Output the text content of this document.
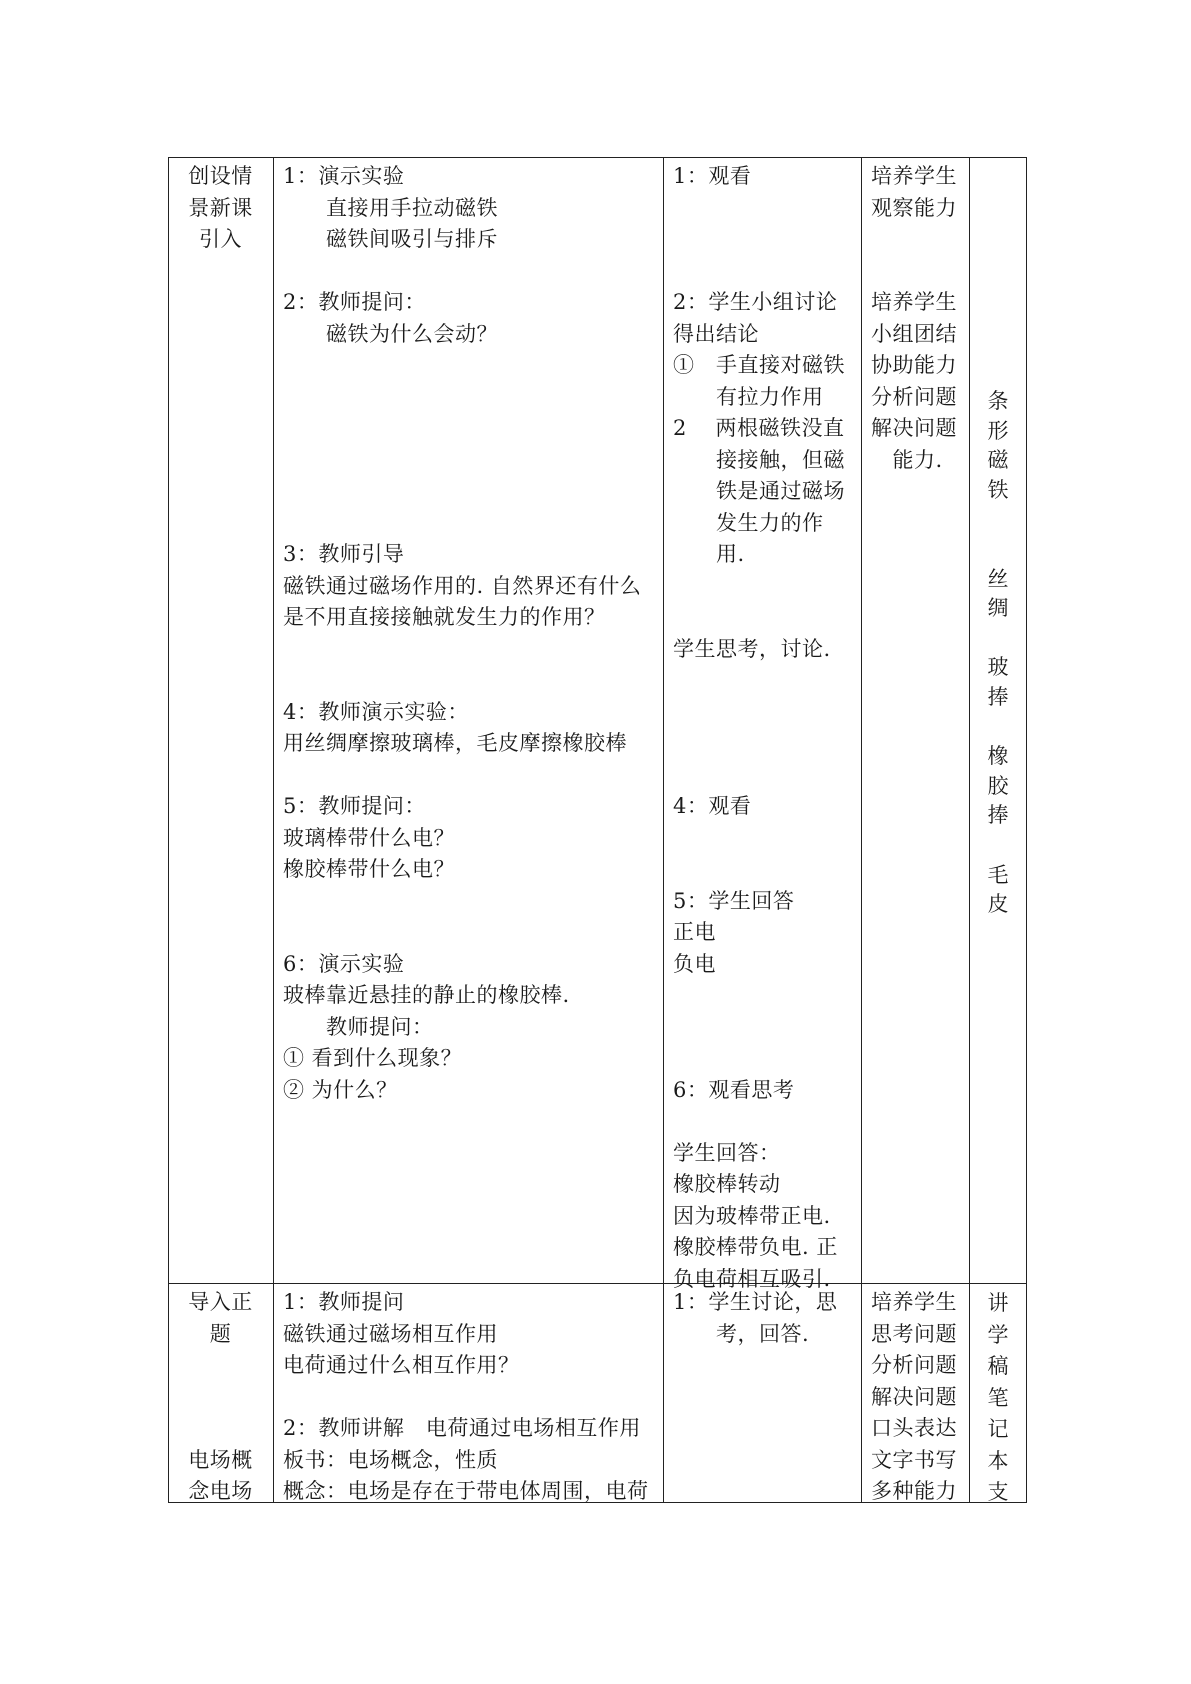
创设情
景新课
引入
1：演示实验
　　直接用手拉动磁铁
　　磁铁间吸引与排斥
2：教师提问：
　　磁铁为什么会动？
3：教师引导
磁铁通过磁场作用的. 自然界还有什么
是不用直接接触就发生力的作用？
4：教师演示实验：
用丝绸摩擦玻璃棒，毛皮摩擦橡胶棒
5：教师提问：
玻璃棒带什么电？
橡胶棒带什么电？
6：演示实验
玻棒靠近悬挂的静止的橡胶棒.
　　教师提问：
① 看到什么现象？
② 为什么？
1：观看
2：学生小组讨论
得出结论
①　手直接对磁铁
　　有拉力作用
2　 两根磁铁没直
　　接接触，但磁
　　铁是通过磁场
　　发生力的作
　　用.
学生思考，讨论.
4：观看
5：学生回答
正电
负电
6：观看思考
学生回答：
橡胶棒转动
因为玻棒带正电.
橡胶棒带负电. 正
负电荷相互吸引.
培养学生
观察能力
培养学生
小组团结
协助能力
分析问题
解决问题
　能力.
条
形
磁
铁
丝
绸
玻
捧
橡
胶
捧
毛
皮
导入正
题
电场概
念电场
1：教师提问
磁铁通过磁场相互作用
电荷通过什么相互作用？
2：教师讲解　电荷通过电场相互作用
板书：电场概念，性质
概念：电场是存在于带电体周围，电荷
1：学生讨论，思
　　考，回答.
培养学生
思考问题
分析问题
解决问题
口头表达
文字书写
多种能力
讲
学
稿
笔
记
本
支
